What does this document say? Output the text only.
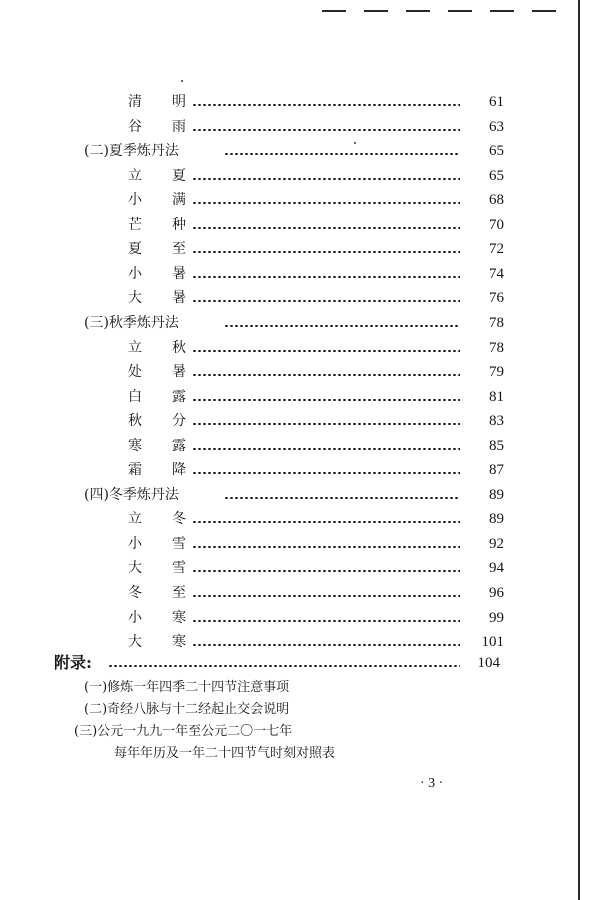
清 明	61
谷 雨	63
(二)夏季炼丹法	65
立 夏	65
小 满	68
芒 种	70
夏 至	72
小 暑	74
大 暑	76
(三)秋季炼丹法	78
立 秋	78
处 暑	79
白 露	81
秋 分	83
寒 露	85
霜 降	87
(四)冬季炼丹法	89
立 冬	89
小 雪	92
大 雪	94
冬 至	96
小 寒	99
大 寒	101
附录:	104
(一)修炼一年四季二十四节注意事项
(二)奇经八脉与十二经起止交会说明
(三)公元一九九一年至公元二〇一七年
每年年历及一年二十四节气时刻对照表
· 3 ·
